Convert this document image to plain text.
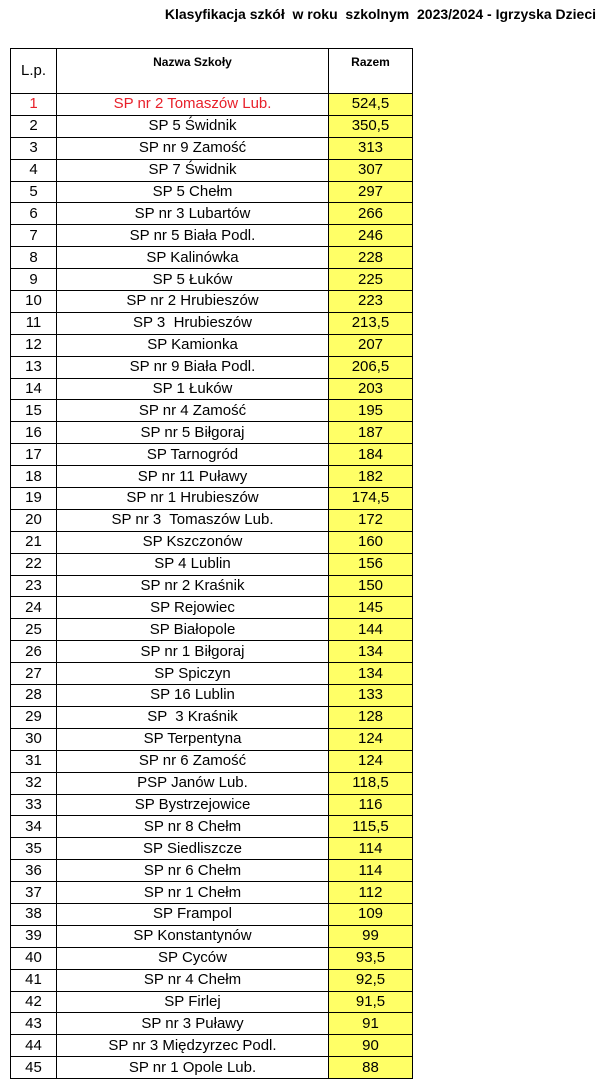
Klasyfikacja szkół  w roku  szkolnym  2023/2024 - Igrzyska Dzieci
L.p.	Nazwa Szkoły	Razem
1	SP nr 2 Tomaszów Lub.	524,5
2	SP 5 Świdnik	350,5
3	SP nr 9 Zamość	313
4	SP 7 Świdnik	307
5	SP 5 Chełm	297
6	SP nr 3 Lubartów	266
7	SP nr 5 Biała Podl.	246
8	SP Kalinówka	228
9	SP 5 Łuków	225
10	SP nr 2 Hrubieszów	223
11	SP 3  Hrubieszów	213,5
12	SP Kamionka	207
13	SP nr 9 Biała Podl.	206,5
14	SP 1 Łuków	203
15	SP nr 4 Zamość	195
16	SP nr 5 Biłgoraj	187
17	SP Tarnogród	184
18	SP nr 11 Puławy	182
19	SP nr 1 Hrubieszów	174,5
20	SP nr 3  Tomaszów Lub.	172
21	SP Kszczonów	160
22	SP 4 Lublin	156
23	SP nr 2 Kraśnik	150
24	SP Rejowiec	145
25	SP Białopole	144
26	SP nr 1 Biłgoraj	134
27	SP Spiczyn	134
28	SP 16 Lublin	133
29	SP  3 Kraśnik	128
30	SP Terpentyna	124
31	SP nr 6 Zamość	124
32	PSP Janów Lub.	118,5
33	SP Bystrzejowice	116
34	SP nr 8 Chełm	115,5
35	SP Siedliszcze	114
36	SP nr 6 Chełm	114
37	SP nr 1 Chełm	112
38	SP Frampol	109
39	SP Konstantynów	99
40	SP Cyców	93,5
41	SP nr 4 Chełm	92,5
42	SP Firlej	91,5
43	SP nr 3 Puławy	91
44	SP nr 3 Międzyrzec Podl.	90
45	SP nr 1 Opole Lub.	88
